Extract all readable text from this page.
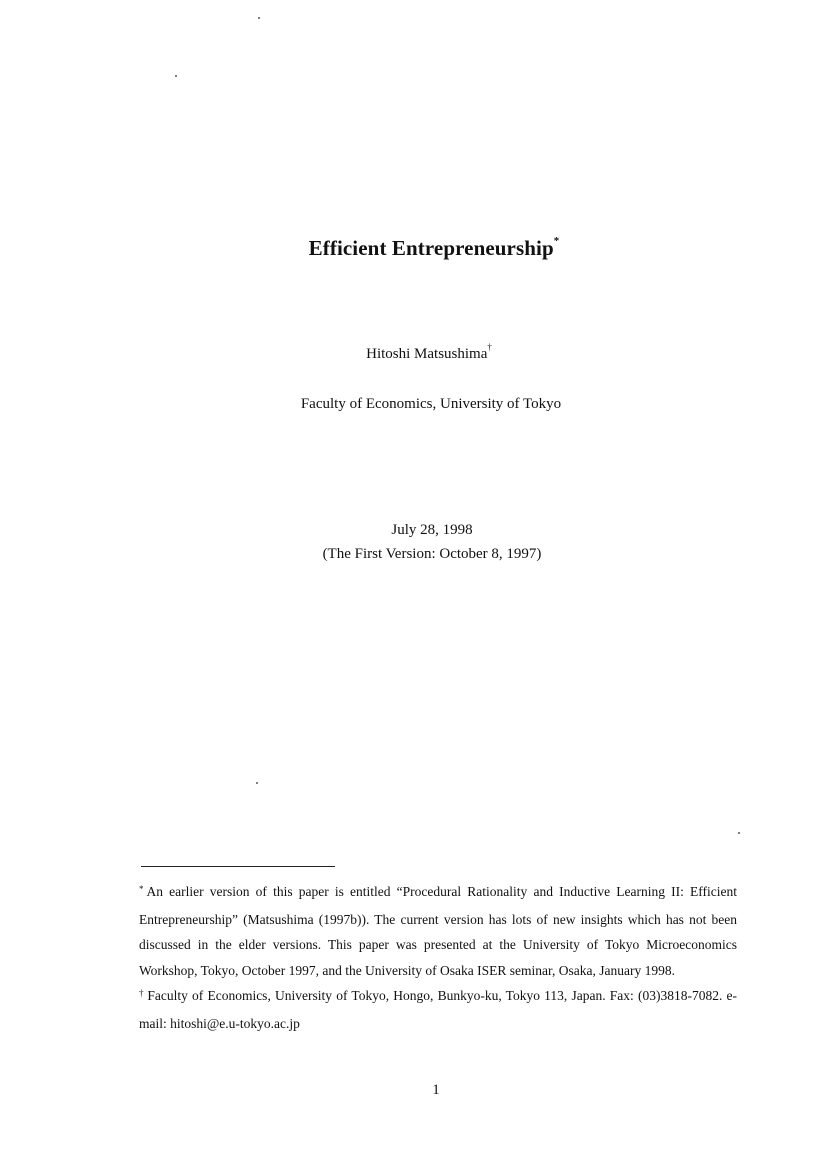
Efficient Entrepreneurship*
Hitoshi Matsushima†
Faculty of Economics, University of Tokyo
July 28, 1998
(The First Version: October 8, 1997)

* An earlier version of this paper is entitled “Procedural Rationality and Inductive Learning II: Efficient Entrepreneurship” (Matsushima (1997b)). The current version has lots of new insights which has not been discussed in the elder versions. This paper was presented at the University of Tokyo Microeconomics Workshop, Tokyo, October 1997, and the University of Osaka ISER seminar, Osaka, January 1998.

† Faculty of Economics, University of Tokyo, Hongo, Bunkyo-ku, Tokyo 113, Japan. Fax: (03)3818-7082. e-mail: hitoshi@e.u-tokyo.ac.jp

1
